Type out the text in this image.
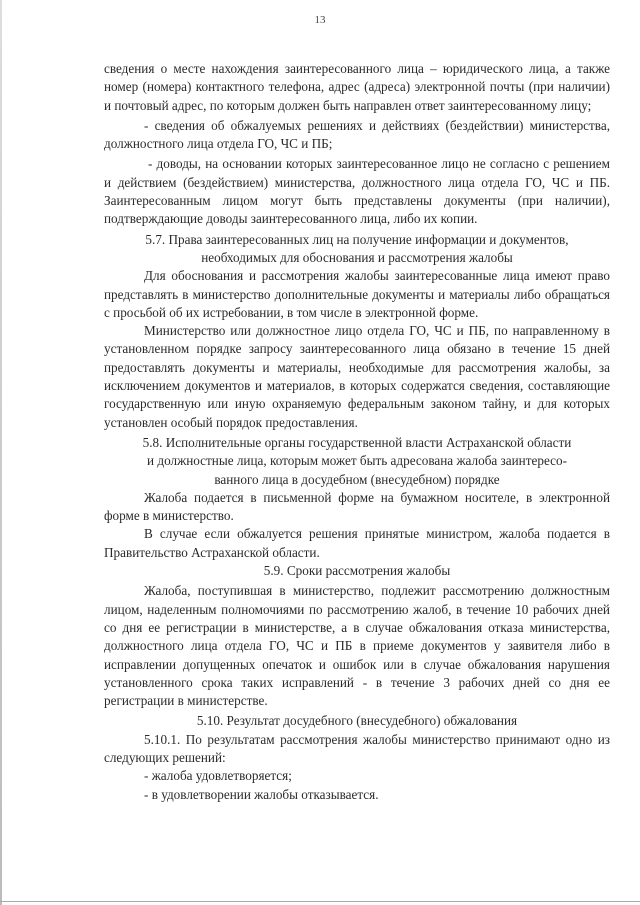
13

сведения о месте нахождения заинтересованного лица – юридического лица, а также номер (номера) контактного телефона, адрес (адреса) электронной почты (при наличии) и почтовый адрес, по которым должен быть направлен ответ заинтересованному лицу;

- сведения об обжалуемых решениях и действиях (бездействии) министерства, должностного лица отдела ГО, ЧС и ПБ;

- доводы, на основании которых заинтересованное лицо не согласно с решением и действием (бездействием) министерства, должностного лица отдела ГО, ЧС и ПБ. Заинтересованным лицом могут быть представлены документы (при наличии), подтверждающие доводы заинтересованного лица, либо их копии.

5.7. Права заинтересованных лиц на получение информации и документов,
необходимых для обоснования и рассмотрения жалобы

Для обоснования и рассмотрения жалобы заинтересованные лица имеют право представлять в министерство дополнительные документы и материалы либо обращаться с просьбой об их истребовании, в том числе в электронной форме.

Министерство или должностное лицо отдела ГО, ЧС и ПБ, по направленному в установленном порядке запросу заинтересованного лица обязано в течение 15 дней предоставлять документы и материалы, необходимые для рассмотрения жалобы, за исключением документов и материалов, в которых содержатся сведения, составляющие государственную или иную охраняемую федеральным законом тайну, и для которых установлен особый порядок предоставления.

5.8. Исполнительные органы государственной власти Астраханской области
и должностные лица, которым может быть адресована жалоба заинтересо-
ванного лица в досудебном (внесудебном) порядке

Жалоба подается в письменной форме на бумажном носителе, в электронной форме в министерство.

В случае если обжалуется решения принятые министром, жалоба подается в Правительство Астраханской области.

5.9. Сроки рассмотрения жалобы

Жалоба, поступившая в министерство, подлежит рассмотрению должностным лицом, наделенным полномочиями по рассмотрению жалоб, в течение 10 рабочих дней со дня ее регистрации в министерстве, а в случае обжалования отказа министерства, должностного лица отдела ГО, ЧС и ПБ в приеме документов у заявителя либо в исправлении допущенных опечаток и ошибок или в случае обжалования нарушения установленного срока таких исправлений - в течение 3 рабочих дней со дня ее регистрации в министерстве.

5.10. Результат досудебного (внесудебного) обжалования

5.10.1. По результатам рассмотрения жалобы министерство принимают одно из следующих решений:

- жалоба удовлетворяется;

- в удовлетворении жалобы отказывается.
